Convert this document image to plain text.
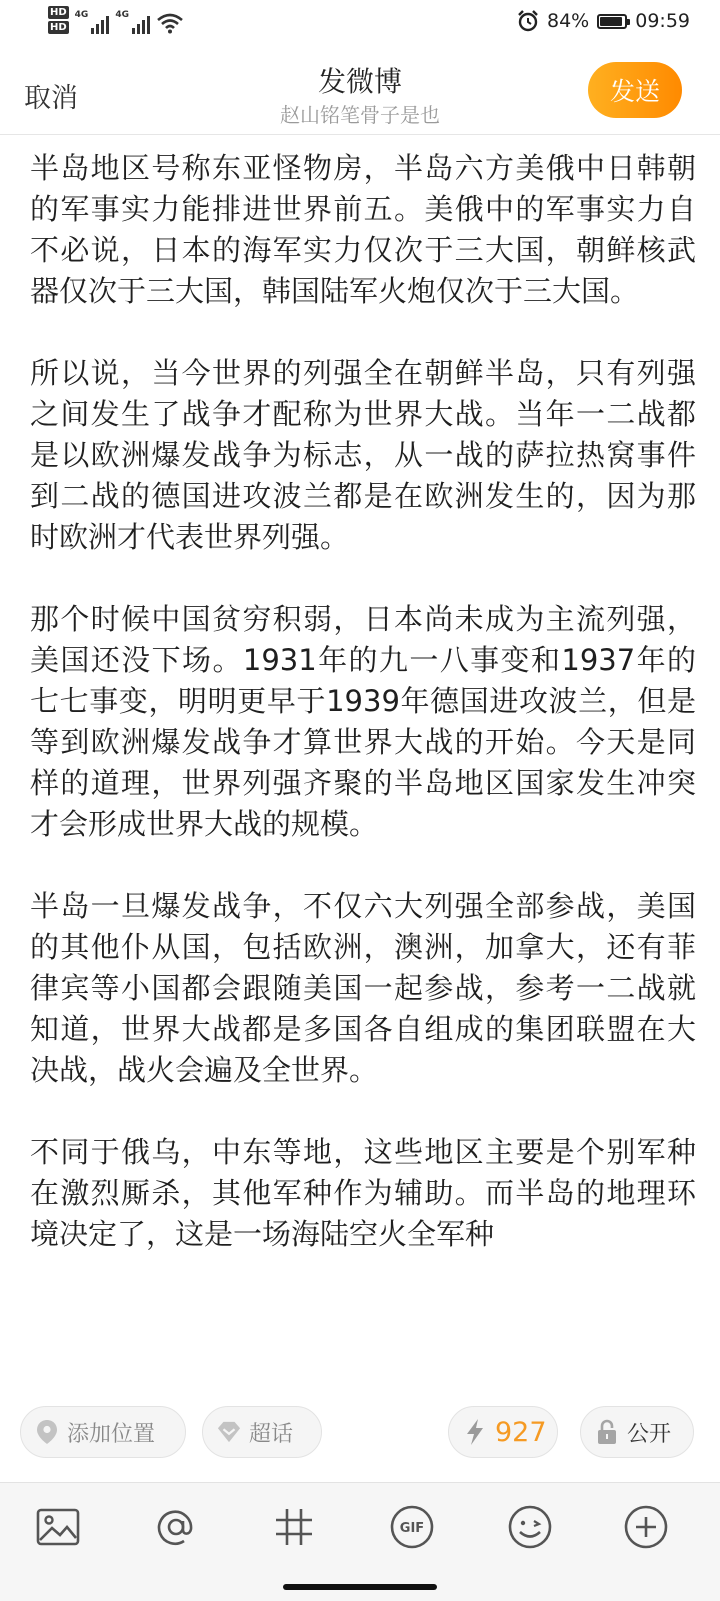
HD
HD
4G	4G	84% 09:59
取消
发微博
赵山铭笔骨子是也
发送

半岛地区号称东亚怪物房，半岛六方美俄中日韩朝的军事实力能排进世界前五。美俄中的军事实力自不必说，日本的海军实力仅次于三大国，朝鲜核武器仅次于三大国，韩国陆军火炮仅次于三大国。

所以说，当今世界的列强全在朝鲜半岛，只有列强之间发生了战争才配称为世界大战。当年一二战都是以欧洲爆发战争为标志，从一战的萨拉热窝事件到二战的德国进攻波兰都是在欧洲发生的，因为那时欧洲才代表世界列强。

那个时候中国贫穷积弱，日本尚未成为主流列强，美国还没下场。1931年的九一八事变和1937年的七七事变，明明更早于1939年德国进攻波兰，但是等到欧洲爆发战争才算世界大战的开始。今天是同样的道理，世界列强齐聚的半岛地区国家发生冲突才会形成世界大战的规模。

半岛一旦爆发战争，不仅六大列强全部参战，美国的其他仆从国，包括欧洲，澳洲，加拿大，还有菲律宾等小国都会跟随美国一起参战，参考一二战就知道，世界大战都是多国各自组成的集团联盟在大决战，战火会遍及全世界。

不同于俄乌，中东等地，这些地区主要是个别军种在激烈厮杀，其他军种作为辅助。而半岛的地理环境决定了，这是一场海陆空火全军种

添加位置	超话	927	公开
GIF
